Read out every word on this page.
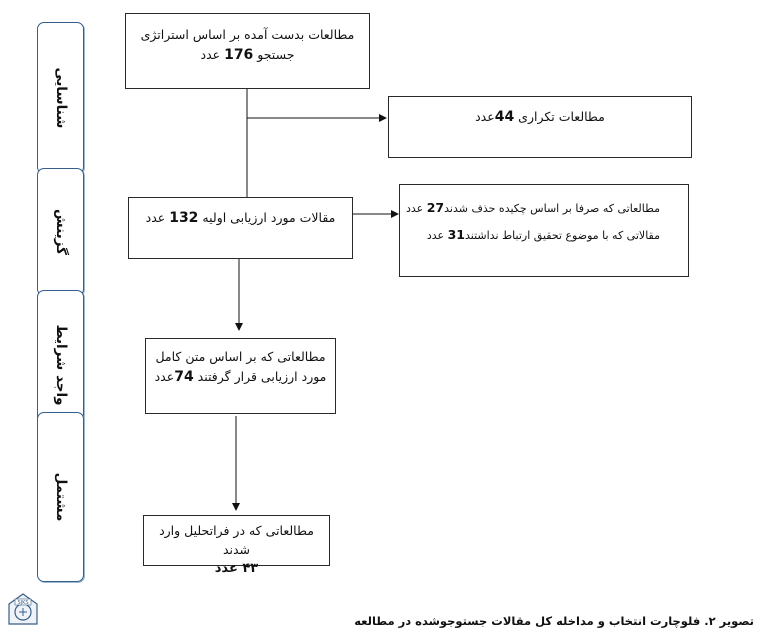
شناسایی
گزینش
واجد شرایط
مشتمل
مطالعات بدست آمده بر اساس استراتژی
جستجو 176 عدد
مطالعات تکراری 44عدد
مقالات مورد ارزیابی اولیه 132 عدد
مطالعاتی که صرفا بر اساس چکیده حذف شدند27 عدد
مقالاتی که با موضوع تحقیق ارتباط نداشتند31 عدد
مطالعاتی که بر اساس متن کامل
مورد ارزیابی قرار گرفتند 74عدد
مطالعاتی که در فراتحلیل وارد شدند
۴۳ عدد
SJKS
تصویر ۲. فلوچارت انتخاب و مداخله کل مقالات جستوجوشده در مطالعه
